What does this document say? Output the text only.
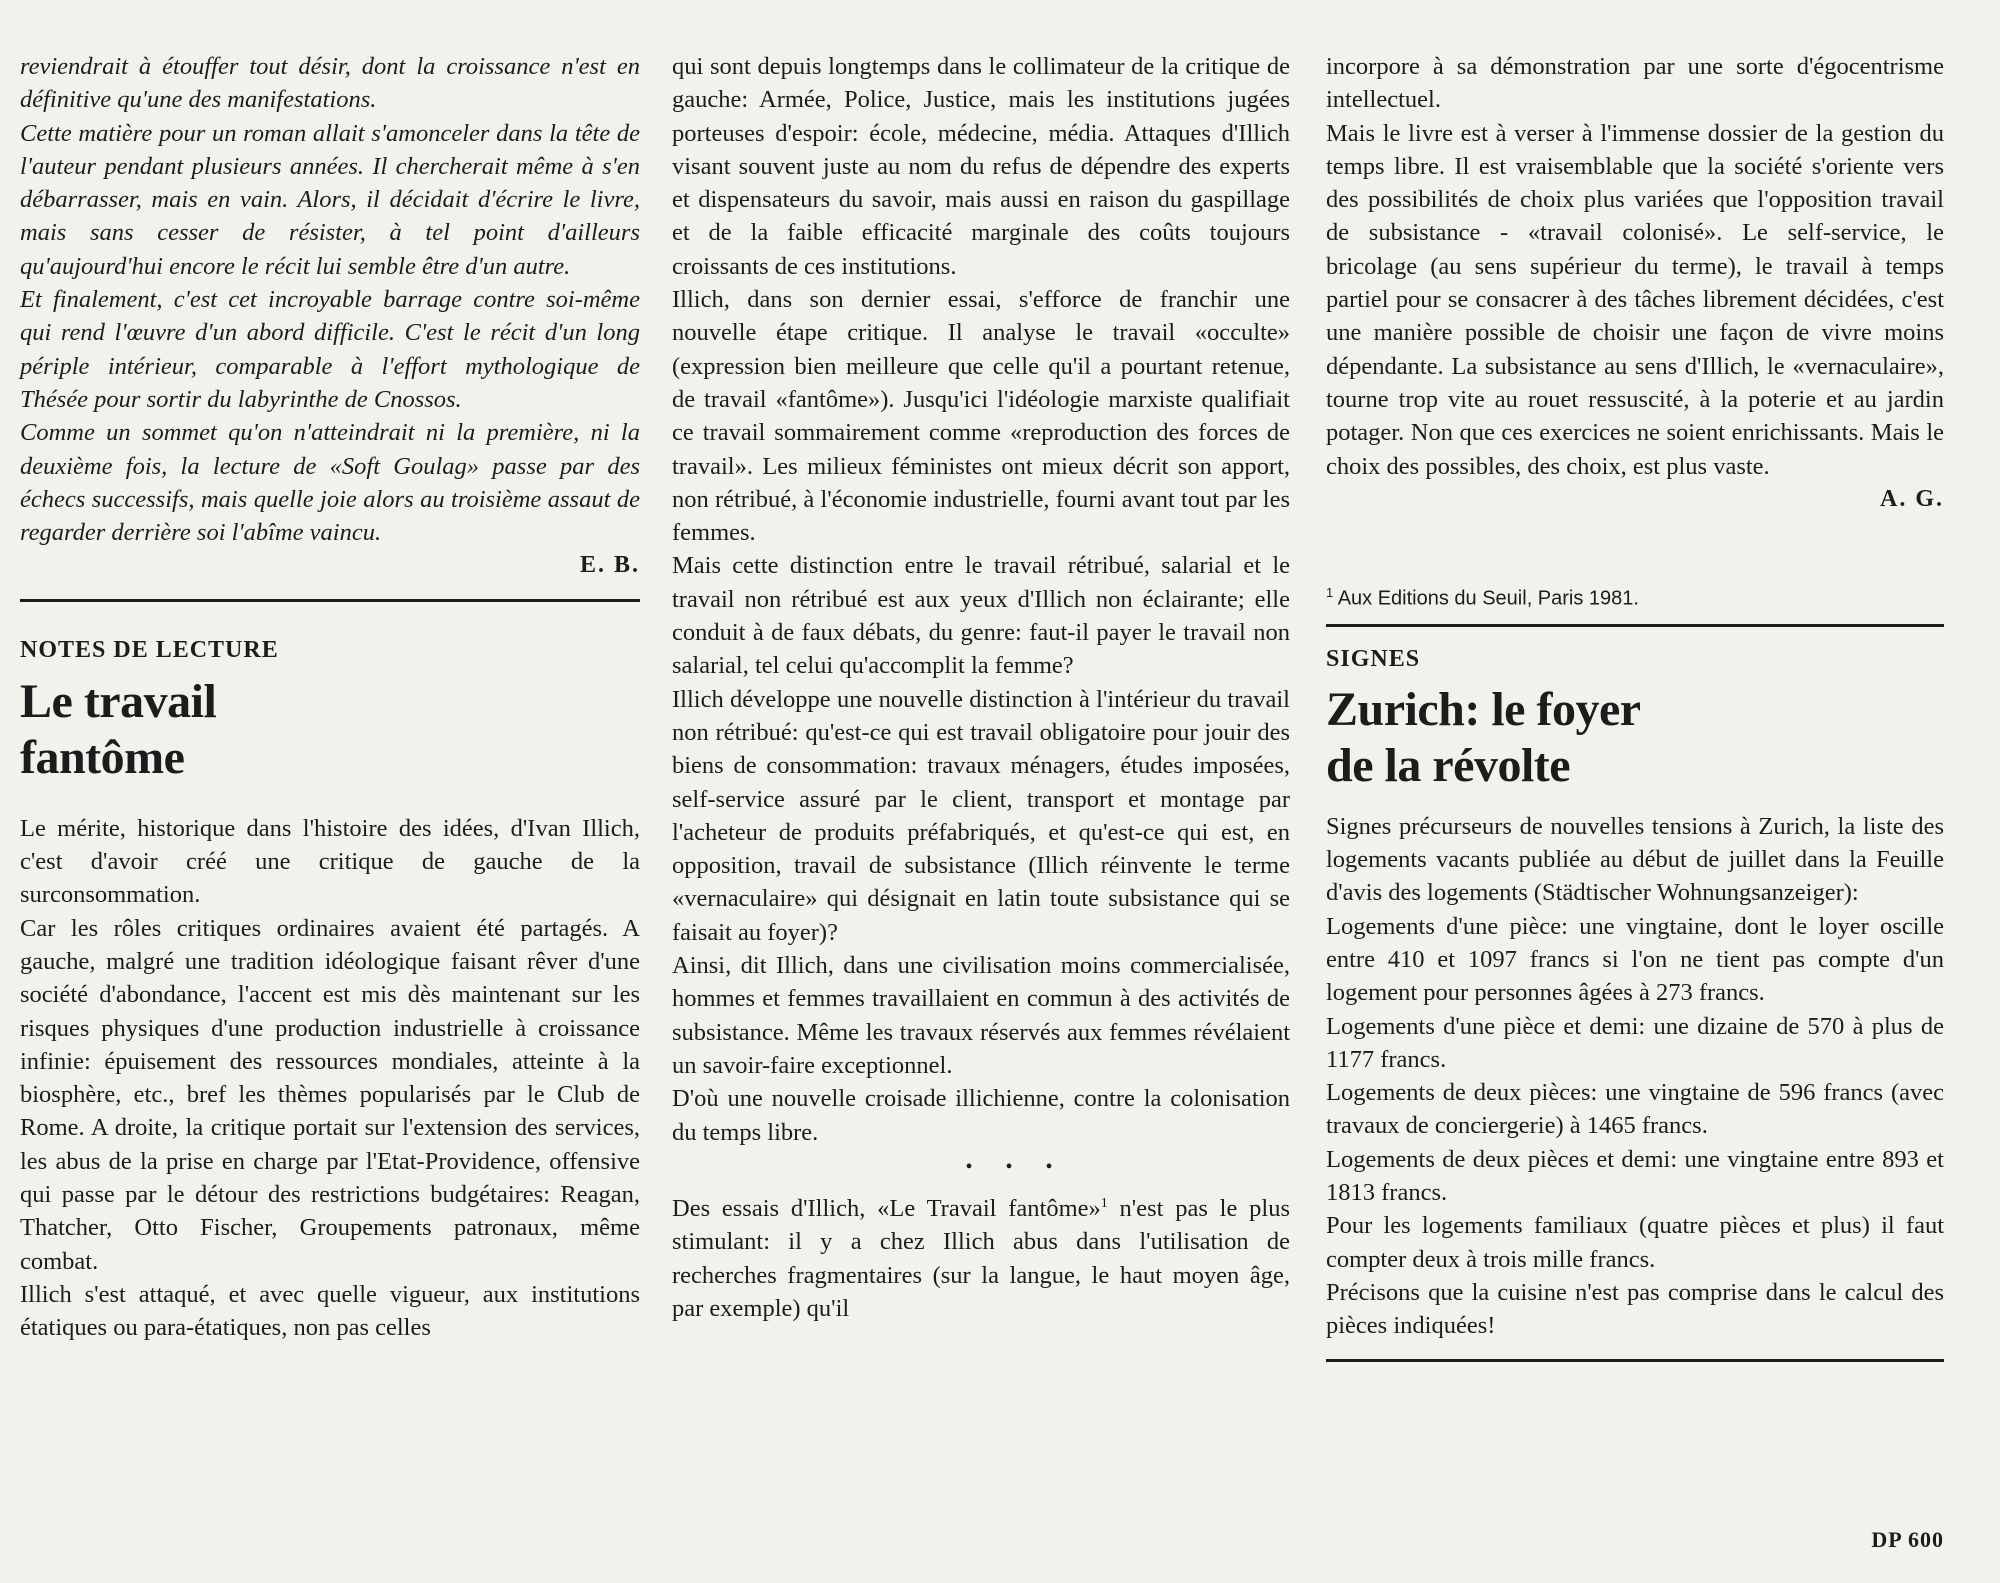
reviendrait à étouffer tout désir, dont la croissance n'est en définitive qu'une des manifestations.

Cette matière pour un roman allait s'amonceler dans la tête de l'auteur pendant plusieurs années. Il chercherait même à s'en débarrasser, mais en vain. Alors, il décidait d'écrire le livre, mais sans cesser de résister, à tel point d'ailleurs qu'aujourd'hui encore le récit lui semble être d'un autre.

Et finalement, c'est cet incroyable barrage contre soi-même qui rend l'œuvre d'un abord difficile. C'est le récit d'un long périple intérieur, comparable à l'effort mythologique de Thésée pour sortir du labyrinthe de Cnossos.

Comme un sommet qu'on n'atteindrait ni la première, ni la deuxième fois, la lecture de «Soft Goulag» passe par des échecs successifs, mais quelle joie alors au troisième assaut de regarder derrière soi l'abîme vaincu.

E. B.

NOTES DE LECTURE

Le travail
fantôme

Le mérite, historique dans l'histoire des idées, d'Ivan Illich, c'est d'avoir créé une critique de gauche de la surconsommation.

Car les rôles critiques ordinaires avaient été partagés. A gauche, malgré une tradition idéologique faisant rêver d'une société d'abondance, l'accent est mis dès maintenant sur les risques physiques d'une production industrielle à croissance infinie: épuisement des ressources mondiales, atteinte à la biosphère, etc., bref les thèmes popularisés par le Club de Rome. A droite, la critique portait sur l'extension des services, les abus de la prise en charge par l'Etat-Providence, offensive qui passe par le détour des restrictions budgétaires: Reagan, Thatcher, Otto Fischer, Groupements patronaux, même combat.

Illich s'est attaqué, et avec quelle vigueur, aux institutions étatiques ou para-étatiques, non pas celles

qui sont depuis longtemps dans le collimateur de la critique de gauche: Armée, Police, Justice, mais les institutions jugées porteuses d'espoir: école, médecine, média. Attaques d'Illich visant souvent juste au nom du refus de dépendre des experts et dispensateurs du savoir, mais aussi en raison du gaspillage et de la faible efficacité marginale des coûts toujours croissants de ces institutions.

Illich, dans son dernier essai, s'efforce de franchir une nouvelle étape critique. Il analyse le travail «occulte» (expression bien meilleure que celle qu'il a pourtant retenue, de travail «fantôme»). Jusqu'ici l'idéologie marxiste qualifiait ce travail sommairement comme «reproduction des forces de travail». Les milieux féministes ont mieux décrit son apport, non rétribué, à l'économie industrielle, fourni avant tout par les femmes.

Mais cette distinction entre le travail rétribué, salarial et le travail non rétribué est aux yeux d'Illich non éclairante; elle conduit à de faux débats, du genre: faut-il payer le travail non salarial, tel celui qu'accomplit la femme?

Illich développe une nouvelle distinction à l'intérieur du travail non rétribué: qu'est-ce qui est travail obligatoire pour jouir des biens de consommation: travaux ménagers, études imposées, self-service assuré par le client, transport et montage par l'acheteur de produits préfabriqués, et qu'est-ce qui est, en opposition, travail de subsistance (Illich réinvente le terme «vernaculaire» qui désignait en latin toute subsistance qui se faisait au foyer)?

Ainsi, dit Illich, dans une civilisation moins commercialisée, hommes et femmes travaillaient en commun à des activités de subsistance. Même les travaux réservés aux femmes révélaient un savoir-faire exceptionnel.

D'où une nouvelle croisade illichienne, contre la colonisation du temps libre.

• • •

Des essais d'Illich, «Le Travail fantôme»$^1$ n'est pas le plus stimulant: il y a chez Illich abus dans l'utilisation de recherches fragmentaires (sur la langue, le haut moyen âge, par exemple) qu'il

incorpore à sa démonstration par une sorte d'égocentrisme intellectuel.

Mais le livre est à verser à l'immense dossier de la gestion du temps libre. Il est vraisemblable que la société s'oriente vers des possibilités de choix plus variées que l'opposition travail de subsistance - «travail colonisé». Le self-service, le bricolage (au sens supérieur du terme), le travail à temps partiel pour se consacrer à des tâches librement décidées, c'est une manière possible de choisir une façon de vivre moins dépendante. La subsistance au sens d'Illich, le «vernaculaire», tourne trop vite au rouet ressuscité, à la poterie et au jardin potager. Non que ces exercices ne soient enrichissants. Mais le choix des possibles, des choix, est plus vaste.

A. G.

$^1$ Aux Editions du Seuil, Paris 1981.

SIGNES

Zurich: le foyer
de la révolte

Signes précurseurs de nouvelles tensions à Zurich, la liste des logements vacants publiée au début de juillet dans la Feuille d'avis des logements (Städtischer Wohnungsanzeiger):

Logements d'une pièce: une vingtaine, dont le loyer oscille entre 410 et 1097 francs si l'on ne tient pas compte d'un logement pour personnes âgées à 273 francs.

Logements d'une pièce et demi: une dizaine de 570 à plus de 1177 francs.

Logements de deux pièces: une vingtaine de 596 francs (avec travaux de conciergerie) à 1465 francs.

Logements de deux pièces et demi: une vingtaine entre 893 et 1813 francs.

Pour les logements familiaux (quatre pièces et plus) il faut compter deux à trois mille francs.

Précisons que la cuisine n'est pas comprise dans le calcul des pièces indiquées!

DP 600
